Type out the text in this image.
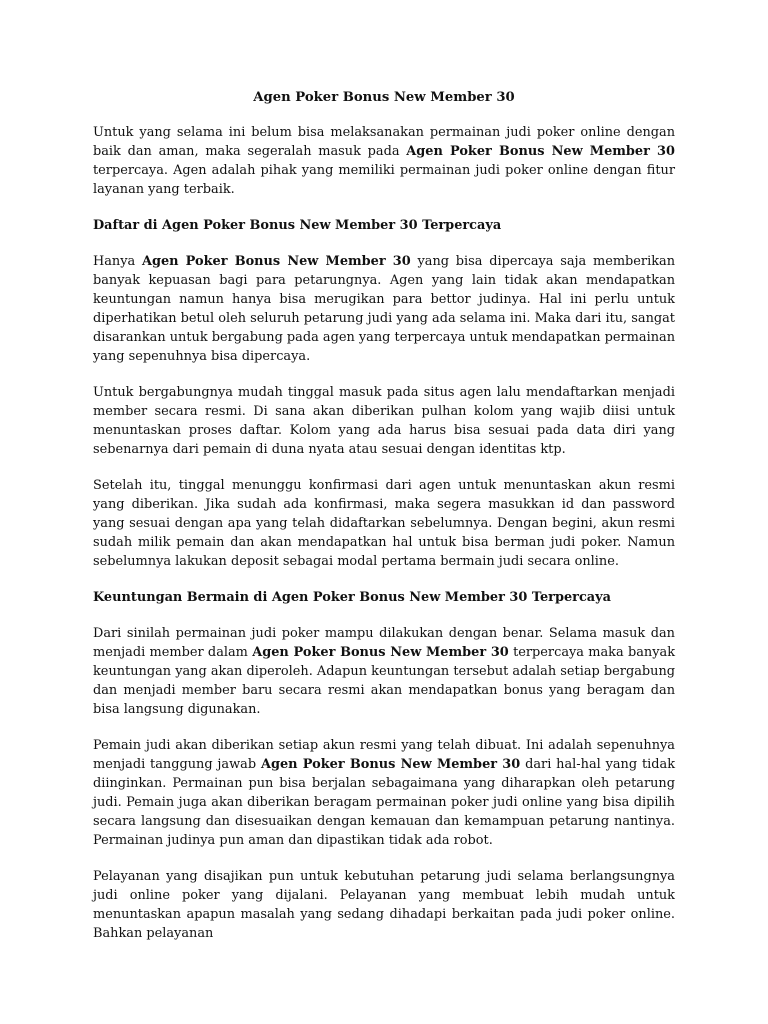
Agen Poker Bonus New Member 30

Untuk yang selama ini belum bisa melaksanakan permainan judi poker online dengan baik dan aman, maka segeralah masuk pada Agen Poker Bonus New Member 30 terpercaya. Agen adalah pihak yang memiliki permainan judi poker online dengan fitur layanan yang terbaik.

Daftar di Agen Poker Bonus New Member 30 Terpercaya

Hanya Agen Poker Bonus New Member 30 yang bisa dipercaya saja memberikan banyak kepuasan bagi para petarungnya. Agen yang lain tidak akan mendapatkan keuntungan namun hanya bisa merugikan para bettor judinya. Hal ini perlu untuk diperhatikan betul oleh seluruh petarung judi yang ada selama ini. Maka dari itu, sangat disarankan untuk bergabung pada agen yang terpercaya untuk mendapatkan permainan yang sepenuhnya bisa dipercaya.

Untuk bergabungnya mudah tinggal masuk pada situs agen lalu mendaftarkan menjadi member secara resmi. Di sana akan diberikan pulhan kolom yang wajib diisi untuk menuntaskan proses daftar. Kolom yang ada harus bisa sesuai pada data diri yang sebenarnya dari pemain di duna nyata atau sesuai dengan identitas ktp.

Setelah itu, tinggal menunggu konfirmasi dari agen untuk menuntaskan akun resmi yang diberikan. Jika sudah ada konfirmasi, maka segera masukkan id dan password yang sesuai dengan apa yang telah didaftarkan sebelumnya. Dengan begini, akun resmi sudah milik pemain dan akan mendapatkan hal untuk bisa berman judi poker. Namun sebelumnya lakukan deposit sebagai modal pertama bermain judi secara online.

Keuntungan Bermain di Agen Poker Bonus New Member 30 Terpercaya

Dari sinilah permainan judi poker mampu dilakukan dengan benar. Selama masuk dan menjadi member dalam Agen Poker Bonus New Member 30 terpercaya maka banyak keuntungan yang akan diperoleh. Adapun keuntungan tersebut adalah setiap bergabung dan menjadi member baru secara resmi akan mendapatkan bonus yang beragam dan bisa langsung digunakan.

Pemain judi akan diberikan setiap akun resmi yang telah dibuat. Ini adalah sepenuhnya menjadi tanggung jawab Agen Poker Bonus New Member 30 dari hal-hal yang tidak diinginkan. Permainan pun bisa berjalan sebagaimana yang diharapkan oleh petarung judi. Pemain juga akan diberikan beragam permainan poker judi online yang bisa dipilih secara langsung dan disesuaikan dengan kemauan dan kemampuan petarung nantinya. Permainan judinya pun aman dan dipastikan tidak ada robot.

Pelayanan yang disajikan pun untuk kebutuhan petarung judi selama berlangsungnya judi online poker yang dijalani. Pelayanan yang membuat lebih mudah untuk menuntaskan apapun masalah yang sedang dihadapi berkaitan pada judi poker online. Bahkan pelayanan
